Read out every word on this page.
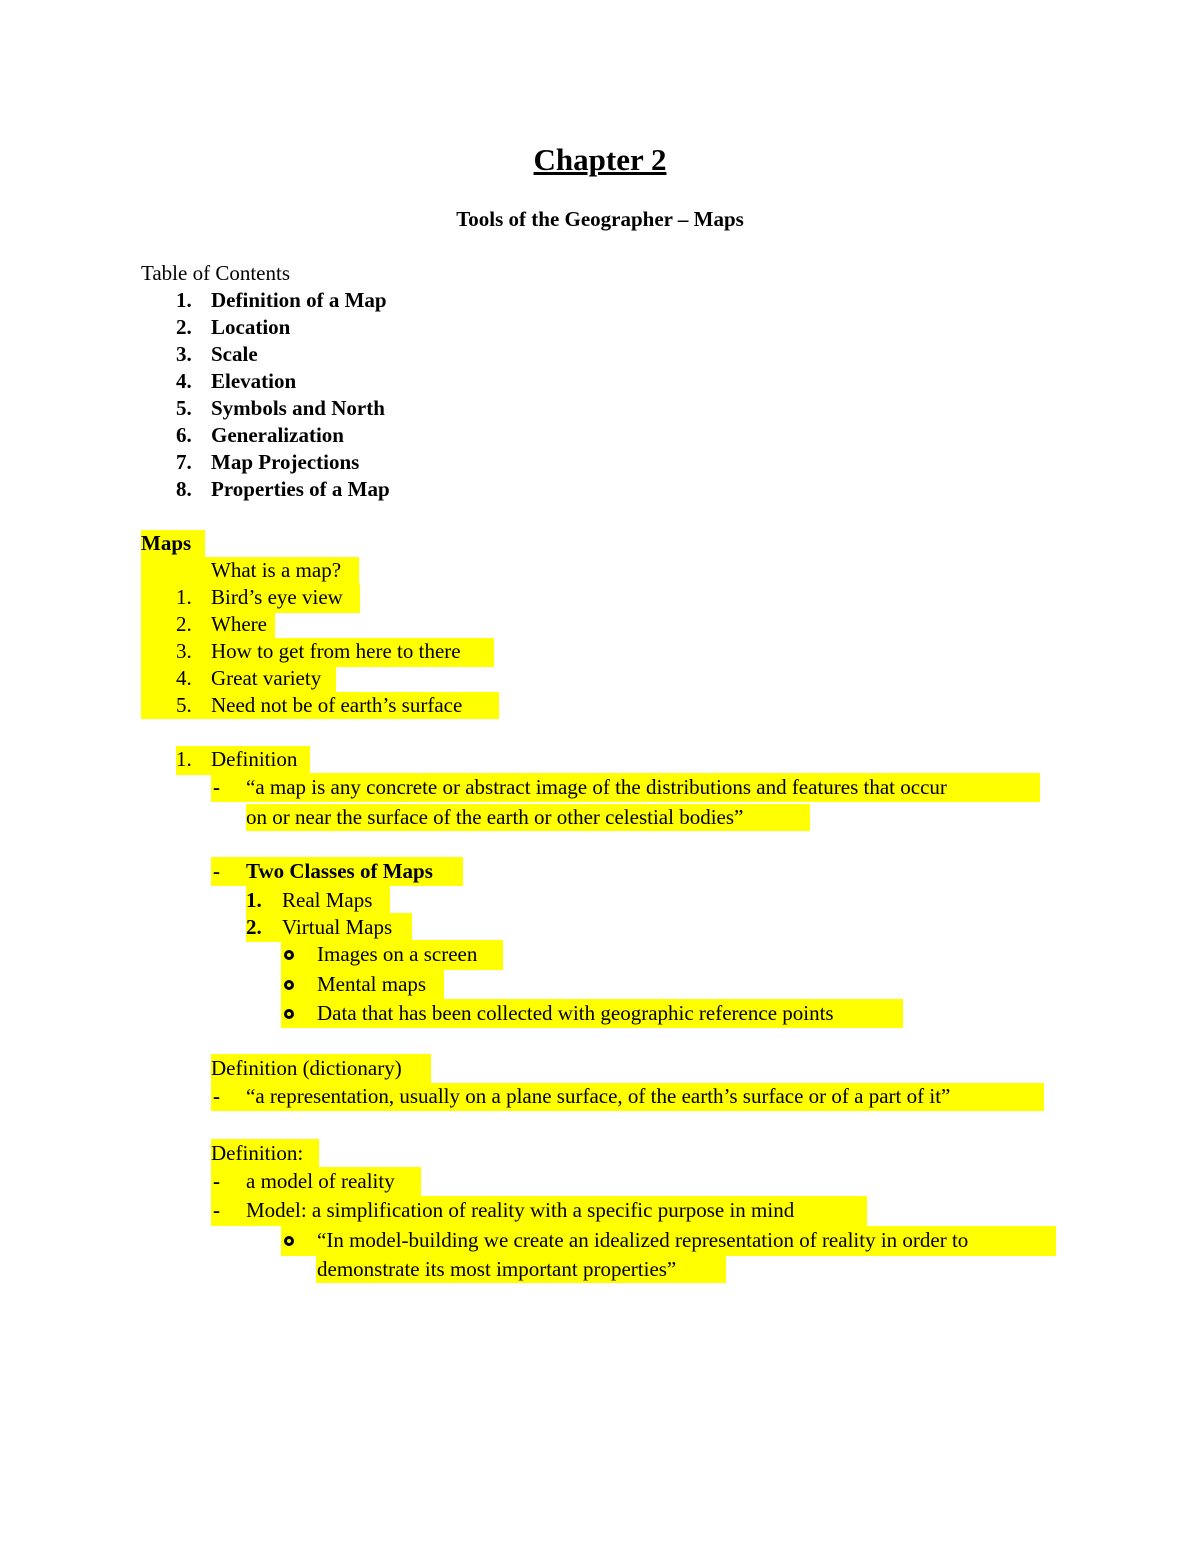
Chapter 2
Tools of the Geographer – Maps
Table of Contents
1. Definition of a Map
2. Location
3. Scale
4. Elevation
5. Symbols and North
6. Generalization
7. Map Projections
8. Properties of a Map
Maps
What is a map?
1. Bird’s eye view
2. Where
3. How to get from here to there
4. Great variety
5. Need not be of earth’s surface
1. Definition
- “a map is any concrete or abstract image of the distributions and features that occur
on or near the surface of the earth or other celestial bodies”
- Two Classes of Maps
1. Real Maps
2. Virtual Maps
Images on a screen
Mental maps
Data that has been collected with geographic reference points
Definition (dictionary)
- “a representation, usually on a plane surface, of the earth’s surface or of a part of it”
Definition:
- a model of reality
- Model: a simplification of reality with a specific purpose in mind
“In model-building we create an idealized representation of reality in order to
demonstrate its most important properties”
